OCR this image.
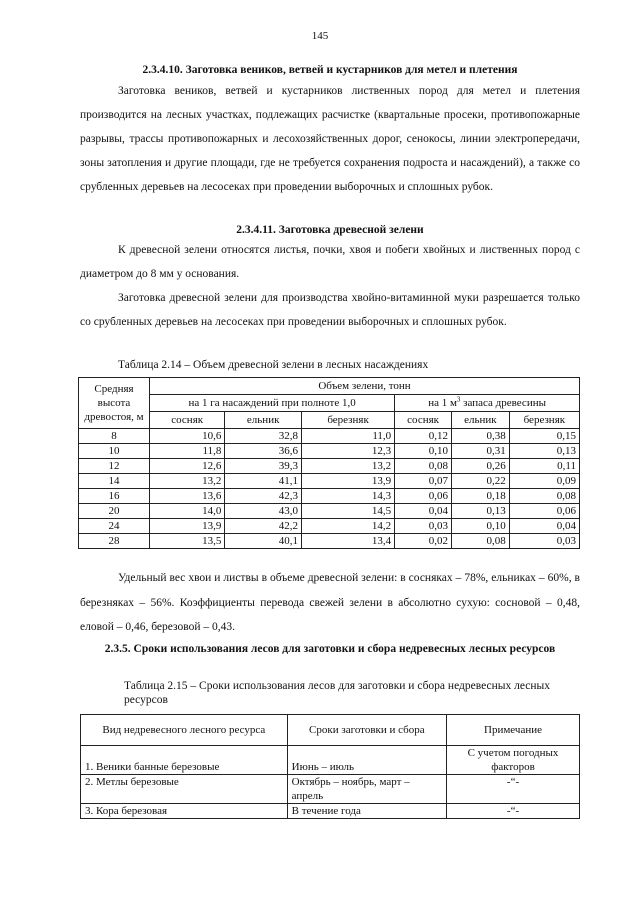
145
2.3.4.10. Заготовка веников, ветвей и кустарников для метел и плетения
Заготовка веников, ветвей и кустарников лиственных пород для метел и плетения производится на лесных участках, подлежащих расчистке (квартальные просеки, противопожарные разрывы, трассы противопожарных и лесохозяйственных дорог, сенокосы, линии электропередачи, зоны затопления и другие площади, где не требуется сохранения подроста и насаждений), а также со срубленных деревьев на лесосеках при проведении выборочных и сплошных рубок.
2.3.4.11. Заготовка древесной зелени
К древесной зелени относятся листья, почки, хвоя и побеги хвойных и лиственных пород с диаметром до 8 мм у основания.
Заготовка древесной зелени для производства хвойно-витаминной муки разрешается только со срубленных деревьев на лесосеках при проведении выборочных и сплошных рубок.
Таблица 2.14 – Объем древесной зелени в лесных насаждениях
Средняя высота древостоя, м	Объем зелени, тонн					
	на 1 га насаждений при полноте 1,0			на 1 $м^3$ запаса древесины		
	сосняк	ельник	березняк	сосняк	ельник	березняк
8	10,6	32,8	11,0	0,12	0,38	0,15
10	11,8	36,6	12,3	0,10	0,31	0,13
12	12,6	39,3	13,2	0,08	0,26	0,11
14	13,2	41,1	13,9	0,07	0,22	0,09
16	13,6	42,3	14,3	0,06	0,18	0,08
20	14,0	43,0	14,5	0,04	0,13	0,06
24	13,9	42,2	14,2	0,03	0,10	0,04
28	13,5	40,1	13,4	0,02	0,08	0,03
Удельный вес хвои и листвы в объеме древесной зелени: в сосняках – 78%, ельниках – 60%, в березняках – 56%. Коэффициенты перевода свежей зелени в абсолютно сухую: сосновой – 0,48, еловой – 0,46, березовой – 0,43.
2.3.5. Сроки использования лесов для заготовки и сбора недревесных лесных ресурсов
Таблица 2.15 – Сроки использования лесов для заготовки и сбора недревесных лесных ресурсов
Вид недревесного лесного ресурса	Сроки заготовки и сбора	Примечание
1. Веники банные березовые	Июнь – июль	С учетом погодных факторов
2. Метлы березовые	Октябрь – ноябрь, март – апрель	-“-
3. Кора березовая	В течение года	-“-
